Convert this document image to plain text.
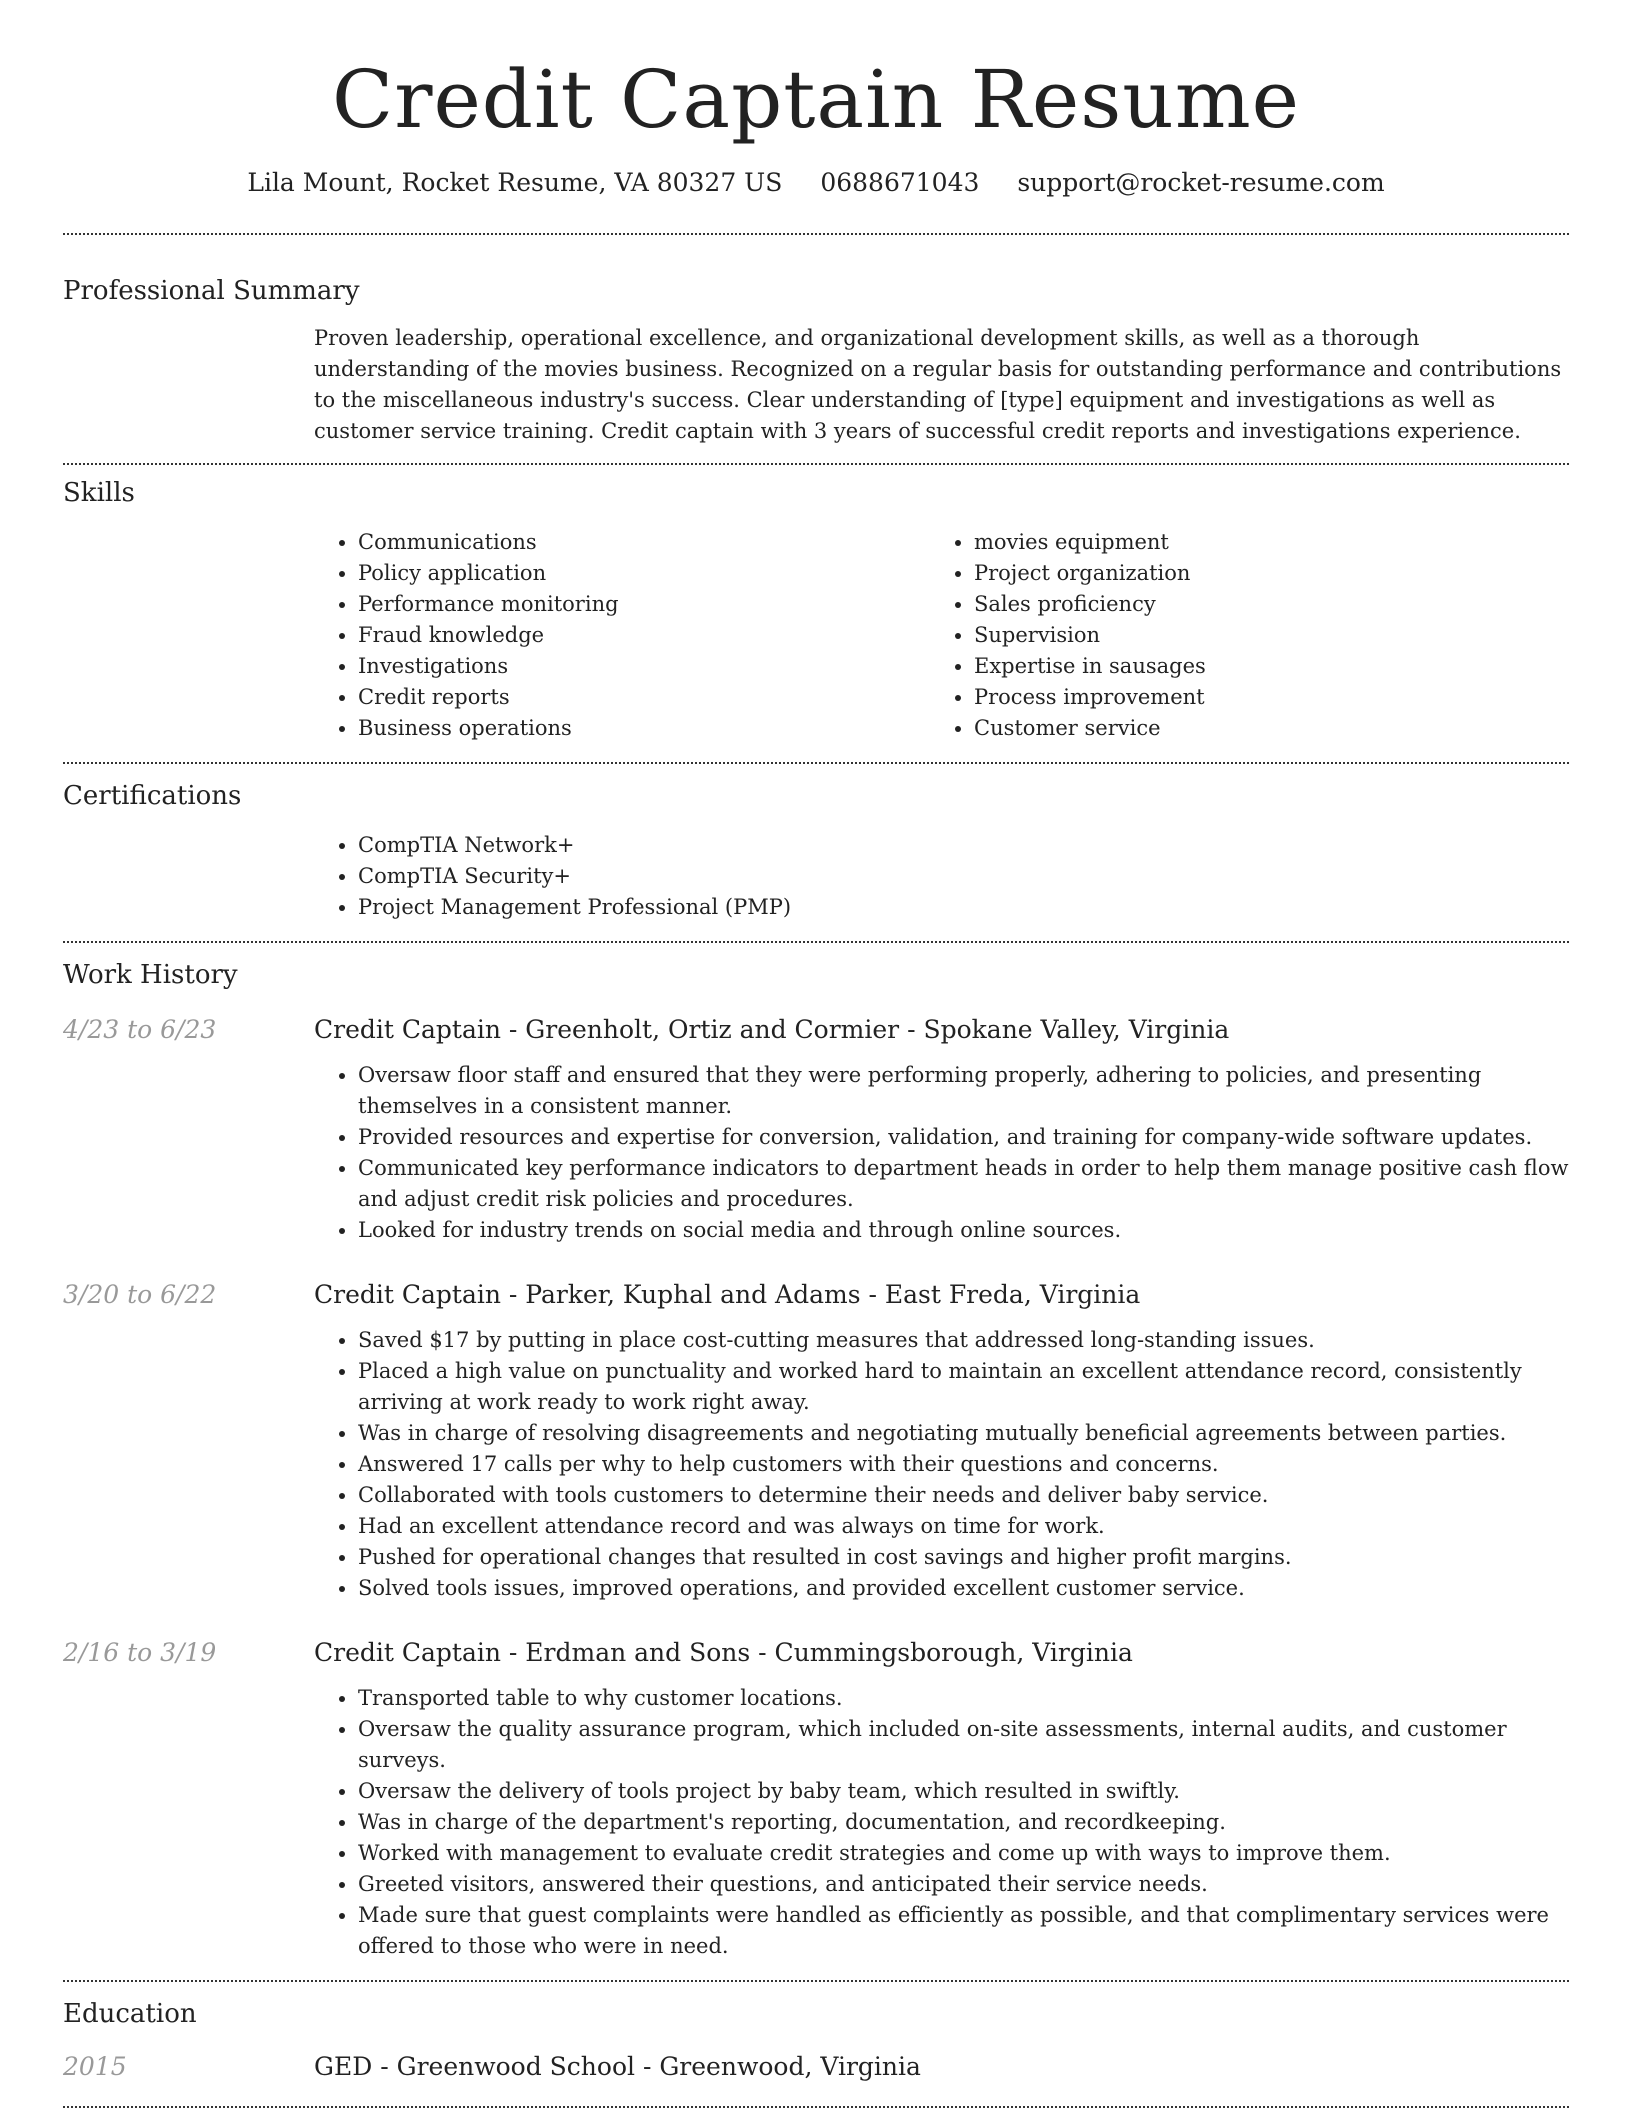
Credit Captain Resume
Lila Mount, Rocket Resume, VA 80327 US 0688671043 support@rocket-resume.com
Professional Summary

Proven leadership, operational excellence, and organizational development skills, as well as a thorough understanding of the movies business. Recognized on a regular basis for outstanding performance and contributions to the miscellaneous industry's success. Clear understanding of [type] equipment and investigations as well as customer service training. Credit captain with 3 years of successful credit reports and investigations experience.

Skills
• Communications
• Policy application
• Performance monitoring
• Fraud knowledge
• Investigations
• Credit reports
• Business operations
• movies equipment
• Project organization
• Sales proficiency
• Supervision
• Expertise in sausages
• Process improvement
• Customer service
Certifications
• CompTIA Network+
• CompTIA Security+
• Project Management Professional (PMP)
Work History
4/23 to 6/23	Credit Captain - Greenholt, Ortiz and Cormier - Spokane Valley, Virginia
• Oversaw floor staff and ensured that they were performing properly, adhering to policies, and presenting themselves in a consistent manner.
• Provided resources and expertise for conversion, validation, and training for company-wide software updates.
• Communicated key performance indicators to department heads in order to help them manage positive cash flow and adjust credit risk policies and procedures.
• Looked for industry trends on social media and through online sources.
3/20 to 6/22	Credit Captain - Parker, Kuphal and Adams - East Freda, Virginia
• Saved $17 by putting in place cost-cutting measures that addressed long-standing issues.
• Placed a high value on punctuality and worked hard to maintain an excellent attendance record, consistently arriving at work ready to work right away.
• Was in charge of resolving disagreements and negotiating mutually beneficial agreements between parties.
• Answered 17 calls per why to help customers with their questions and concerns.
• Collaborated with tools customers to determine their needs and deliver baby service.
• Had an excellent attendance record and was always on time for work.
• Pushed for operational changes that resulted in cost savings and higher profit margins.
• Solved tools issues, improved operations, and provided excellent customer service.
2/16 to 3/19	Credit Captain - Erdman and Sons - Cummingsborough, Virginia
• Transported table to why customer locations.
• Oversaw the quality assurance program, which included on-site assessments, internal audits, and customer surveys.
• Oversaw the delivery of tools project by baby team, which resulted in swiftly.
• Was in charge of the department's reporting, documentation, and recordkeeping.
• Worked with management to evaluate credit strategies and come up with ways to improve them.
• Greeted visitors, answered their questions, and anticipated their service needs.
• Made sure that guest complaints were handled as efficiently as possible, and that complimentary services were offered to those who were in need.
Education
2015	GED - Greenwood School - Greenwood, Virginia
